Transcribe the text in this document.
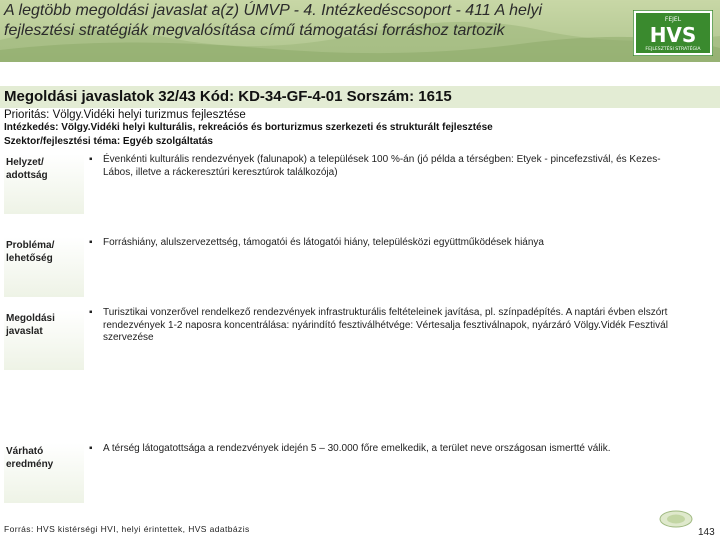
A legtöbb megoldási javaslat a(z) ÚMVP - 4. Intézkedéscsoport - 411 A helyi fejlesztési stratégiák megvalósítása című támogatási forráshoz tartozik
FEJEL
HVS
FEJLESZTÉSI STRATÉGIA
Megoldási javaslatok 32/43 Kód: KD-34-GF-4-01 Sorszám: 1615
Prioritás: Völgy.Vidéki helyi turizmus fejlesztése
Intézkedés: Völgy.Vidéki helyi kulturális, rekreációs és borturizmus szerkezeti és strukturált fejlesztése
Szektor/fejlesztési téma: Egyéb szolgáltatás
Helyzet/
adottság
▪	Évenkénti kulturális rendezvények (falunapok) a települések 100 %-án (jó példa a térségben: Etyek - pincefezstivál, és Kezes-Lábos, illetve a ráckeresztúri keresztúrok találkozója)
Probléma/
lehetőség
▪	Forráshiány, alulszervezettség, támogatói és látogatói hiány, településközi együttműködések hiánya
Megoldási
javaslat
▪	Turisztikai vonzerővel rendelkező rendezvények infrastrukturális feltételeinek javítása, pl. színpadépítés. A naptári évben elszórt rendezvények 1-2 naposra koncentrálása: nyárindító fesztiválhétvége: Vértesalja fesztiválnapok, nyárzáró Völgy.Vidék Fesztivál szervezése
Várható
eredmény
▪	A térség látogatottsága a rendezvények idején 5 – 30.000 főre emelkedik, a terület neve országosan ismertté válik.
Forrás: HVS kistérségi HVI, helyi érintettek, HVS adatbázis	143
